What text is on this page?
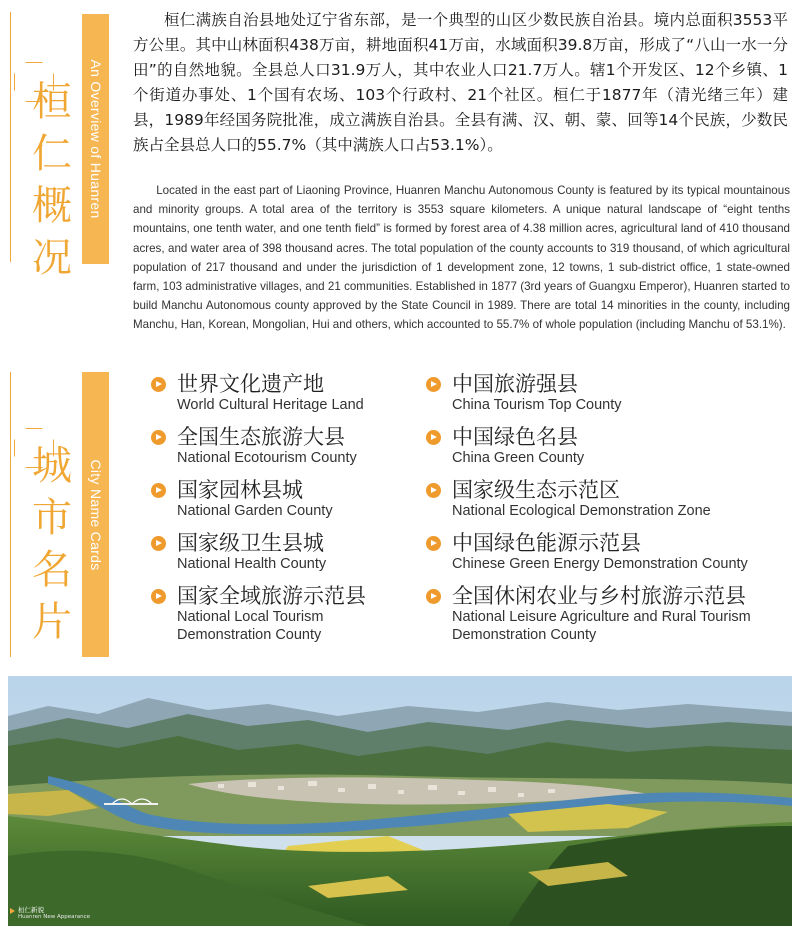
桓
仁
概
况
An Overview of Huanren
桓仁满族自治县地处辽宁省东部，是一个典型的山区少数民族自治县。境内总面积3553平方公里。其中山林面积438万亩，耕地面积41万亩，水域面积39.8万亩，形成了“八山一水一分田”的自然地貌。全县总人口31.9万人，其中农业人口21.7万人。辖1个开发区、12个乡镇、1个街道办事处、1个国有农场、103个行政村、21个社区。桓仁于1877年（清光绪三年）建县，1989年经国务院批准，成立满族自治县。全县有满、汉、朝、蒙、回等14个民族，少数民族占全县总人口的55.7%（其中满族人口占53.1%）。
Located in the east part of Liaoning Province, Huanren Manchu Autonomous County is featured by its typical mountainous and minority groups. A total area of the territory is 3553 square kilometers. A unique natural landscape of “eight tenths mountains, one tenth water, and one tenth field” is formed by forest area of 4.38 million acres, agricultural land of 410 thousand acres, and water area of 398 thousand acres. The total population of the county accounts to 319 thousand, of which agricultural population of 217 thousand and under the jurisdiction of 1 development zone, 12 towns, 1 sub-district office, 1 state-owned farm, 103 administrative villages, and 21 communities. Established in 1877 (3rd years of Guangxu Emperor), Huanren started to build Manchu Autonomous county approved by the State Council in 1989. There are total 14 minorities in the county, including Manchu, Han, Korean, Mongolian, Hui and others, which accounted to 55.7% of whole population (including Manchu of 53.1%).
城
市
名
片
City Name Cards
世界文化遗产地
World Cultural Heritage Land
全国生态旅游大县
National Ecotourism County
国家园林县城
National Garden County
国家级卫生县城
National Health County
国家全域旅游示范县
National Local Tourism
Demonstration County
中国旅游强县
China Tourism Top County
中国绿色名县
China Green County
国家级生态示范区
National Ecological Demonstration Zone
中国绿色能源示范县
Chinese Green Energy Demonstration County
全国休闲农业与乡村旅游示范县
National Leisure Agriculture and Rural Tourism
Demonstration County
桓仁新貌
Huanren New Appearance
